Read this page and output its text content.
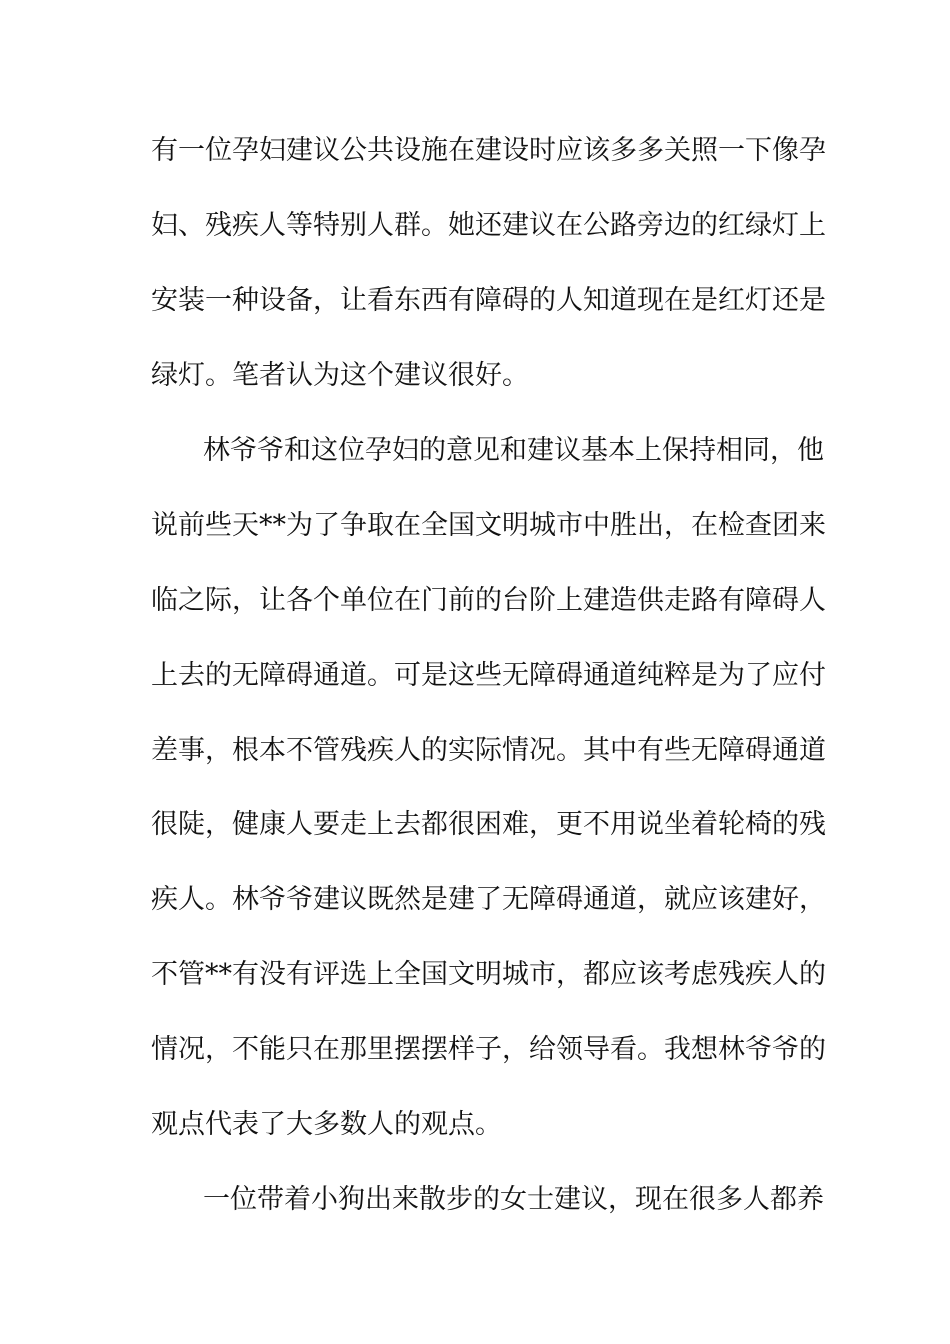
有一位孕妇建议公共设施在建设时应该多多关照一下像孕
妇、残疾人等特别人群。她还建议在公路旁边的红绿灯上
安装一种设备，让看东西有障碍的人知道现在是红灯还是
绿灯。笔者认为这个建议很好。
林爷爷和这位孕妇的意见和建议基本上保持相同，他
说前些天**为了争取在全国文明城市中胜出，在检查团来
临之际，让各个单位在门前的台阶上建造供走路有障碍人
上去的无障碍通道。可是这些无障碍通道纯粹是为了应付
差事，根本不管残疾人的实际情况。其中有些无障碍通道
很陡，健康人要走上去都很困难，更不用说坐着轮椅的残
疾人。林爷爷建议既然是建了无障碍通道，就应该建好，
不管**有没有评选上全国文明城市，都应该考虑残疾人的
情况，不能只在那里摆摆样子，给领导看。我想林爷爷的
观点代表了大多数人的观点。
一位带着小狗出来散步的女士建议，现在很多人都养
